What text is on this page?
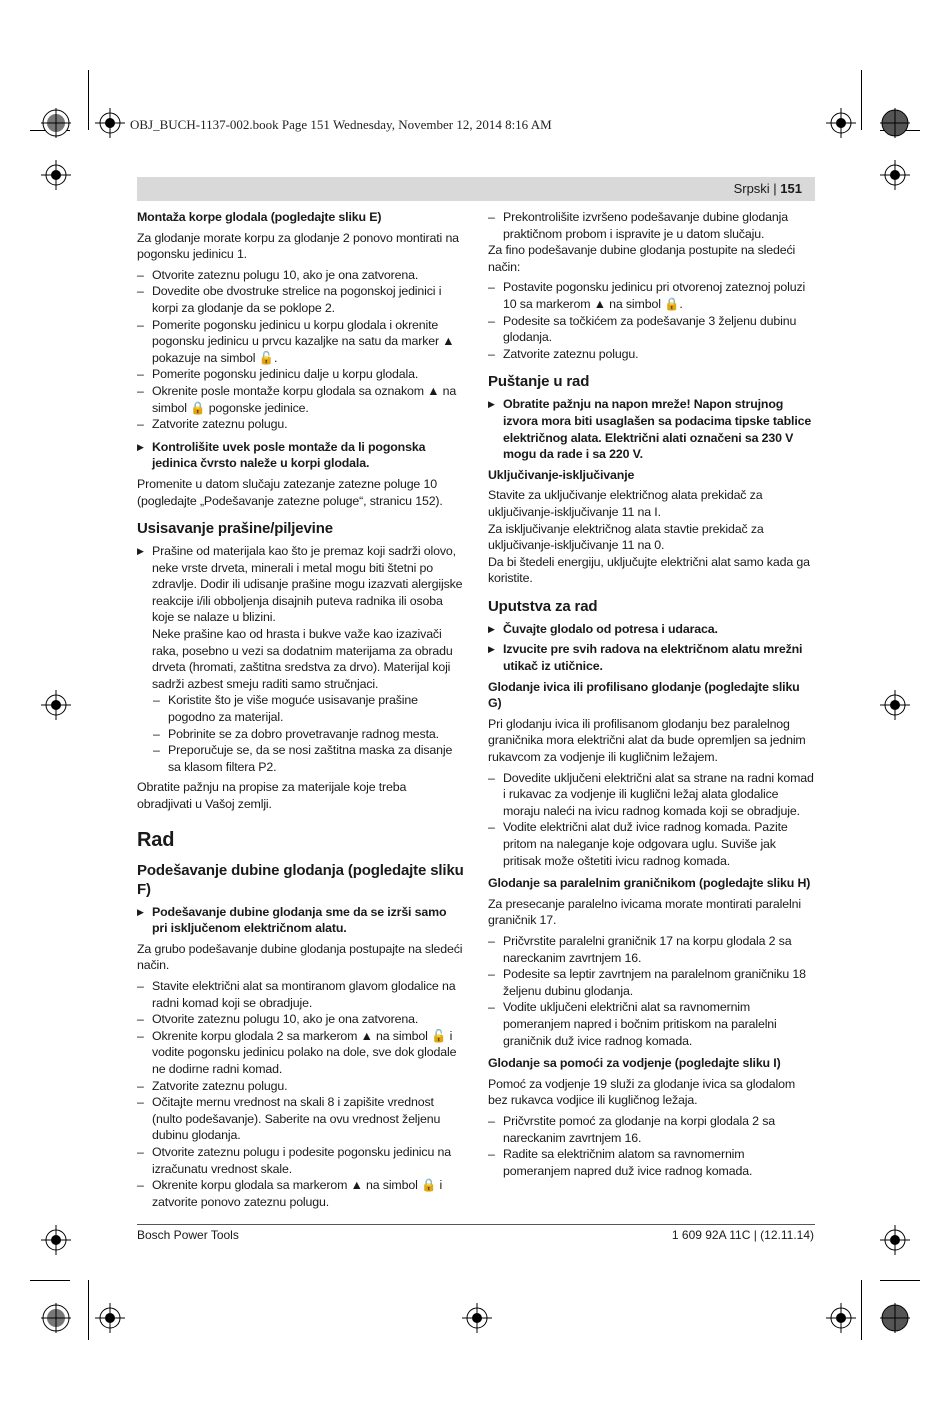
OBJ_BUCH-1137-002.book Page 151 Wednesday, November 12, 2014 8:16 AM
Srpski | 151
Montaža korpe glodala (pogledajte sliku E)

Za glodanje morate korpu za glodanje 2 ponovo montirati na pogonsku jedinicu 1.

– Otvorite zateznu polugu 10, ako je ona zatvorena.
– Dovedite obe dvostruke strelice na pogonskoj jedinici i korpi za glodanje da se poklope 2.
– Pomerite pogonsku jedinicu u korpu glodala i okrenite pogonsku jedinicu u prvcu kazaljke na satu da marker ▲ pokazuje na simbol 🔓.
– Pomerite pogonsku jedinicu dalje u korpu glodala.
– Okrenite posle montaže korpu glodala sa oznakom ▲ na simbol 🔒 pogonske jedinice.
– Zatvorite zateznu polugu.
▶ Kontrolišite uvek posle montaže da li pogonska jedinica čvrsto naleže u korpi glodala.

Promenite u datom slučaju zatezanje zatezne poluge 10 (pogledajte „Podešavanje zatezne poluge“, stranicu 152).

Usisavanje prašine/piljevine
▶ Prašine od materijala kao što je premaz koji sadrži olovo, neke vrste drveta, minerali i metal mogu biti štetni po zdravlje. Dodir ili udisanje prašine mogu izazvati alergijske reakcije i/ili obboljenja disajnih puteva radnika ili osoba koje se nalaze u blizini.
Neke prašine kao od hrasta i bukve važe kao izazivači raka, posebno u vezi sa dodatnim materijama za obradu drveta (hromati, zaštitna sredstva za drvo). Materijal koji sadrži azbest smeju raditi samo stručnjaci.
– Koristite što je više moguće usisavanje prašine pogodno za materijal.
– Pobrinite se za dobro provetravanje radnog mesta.
– Preporučuje se, da se nosi zaštitna maska za disanje sa klasom filtera P2.

Obratite pažnju na propise za materijale koje treba obradjivati u Vašoj zemlji.

Rad
Podešavanje dubine glodanja (pogledajte sliku F)
▶ Podešavanje dubine glodanja sme da se izrši samo pri isključenom električnom alatu.

Za grubo podešavanje dubine glodanja postupajte na sledeći način.

– Stavite električni alat sa montiranom glavom glodalice na radni komad koji se obradjuje.
– Otvorite zateznu polugu 10, ako je ona zatvorena.
– Okrenite korpu glodala 2 sa markerom ▲ na simbol 🔓 i vodite pogonsku jedinicu polako na dole, sve dok glodale ne dodirne radni komad.
– Zatvorite zateznu polugu.
– Očitajte mernu vrednost na skali 8 i zapišite vrednost (nulto podešavanje). Saberite na ovu vrednost željenu dubinu glodanja.
– Otvorite zateznu polugu i podesite pogonsku jedinicu na izračunatu vrednost skale.
– Okrenite korpu glodala sa markerom ▲ na simbol 🔒 i zatvorite ponovo zateznu polugu.
– Prekontrolišite izvršeno podešavanje dubine glodanja praktičnom probom i ispravite je u datom slučaju.

Za fino podešavanje dubine glodanja postupite na sledeći način:

– Postavite pogonsku jedinicu pri otvorenoj zateznoj poluzi 10 sa markerom ▲ na simbol 🔒.
– Podesite sa točkićem za podešavanje 3 željenu dubinu glodanja.
– Zatvorite zateznu polugu.
Puštanje u rad
▶ Obratite pažnju na napon mreže! Napon strujnog izvora mora biti usaglašen sa podacima tipske tablice električnog alata. Električni alati označeni sa 230 V mogu da rade i sa 220 V.
Uključivanje-isključivanje

Stavite za uključivanje električnog alata prekidač za uključivanje-isključivanje 11 na I.

Za isključivanje električnog alata stavtie prekidač za uključivanje-isključivanje 11 na 0.

Da bi štedeli energiju, uključujte električni alat samo kada ga koristite.

Uputstva za rad
▶ Čuvajte glodalo od potresa i udaraca.
▶ Izvucite pre svih radova na električnom alatu mrežni utikač iz utičnice.
Glodanje ivica ili profilisano glodanje (pogledajte sliku G)

Pri glodanju ivica ili profilisanom glodanju bez paralelnog graničnika mora električni alat da bude opremljen sa jednim rukavcom za vodjenje ili kugličnim ležajem.

– Dovedite uključeni električni alat sa strane na radni komad i rukavac za vodjenje ili kuglični ležaj alata glodalice moraju naleći na ivicu radnog komada koji se obradjuje.
– Vodite električni alat duž ivice radnog komada. Pazite pritom na naleganje koje odgovara uglu. Suviše jak pritisak može oštetiti ivicu radnog komada.
Glodanje sa paralelnim graničnikom (pogledajte sliku H)

Za presecanje paralelno ivicama morate montirati paralelni graničnik 17.

– Pričvrstite paralelni graničnik 17 na korpu glodala 2 sa nareckanim zavrtnjem 16.
– Podesite sa leptir zavrtnjem na paralelnom graničniku 18 željenu dubinu glodanja.
– Vodite uključeni električni alat sa ravnomernim pomeranjem napred i bočnim pritiskom na paralelni graničnik duž ivice radnog komada.
Glodanje sa pomoći za vodjenje (pogledajte sliku I)

Pomoć za vodjenje 19 služi za glodanje ivica sa glodalom bez rukavca vodjice ili kugličnog ležaja.

– Pričvrstite pomoć za glodanje na korpi glodala 2 sa nareckanim zavrtnjem 16.
– Radite sa električnim alatom sa ravnomernim pomeranjem napred duž ivice radnog komada.
Bosch Power Tools	1 609 92A 11C | (12.11.14)
